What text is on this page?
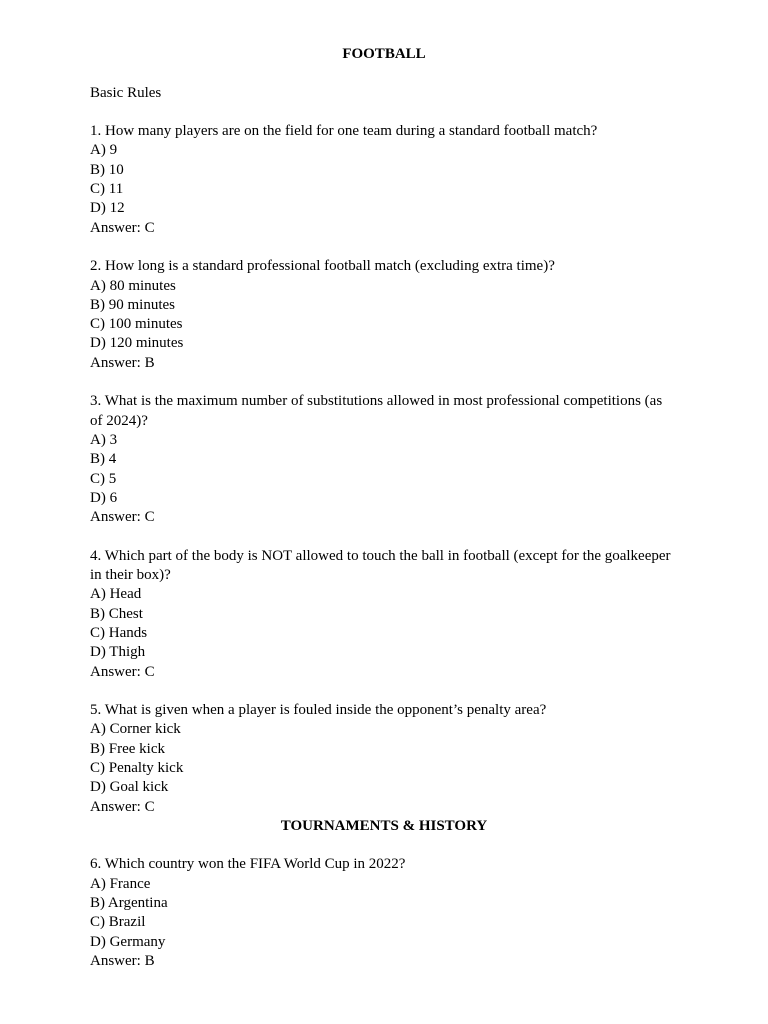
FOOTBALL

Basic Rules

1. How many players are on the field for one team during a standard football match?

A) 9

B) 10

C) 11

D) 12

Answer: C

2. How long is a standard professional football match (excluding extra time)?

A) 80 minutes

B) 90 minutes

C) 100 minutes

D) 120 minutes

Answer: B

3. What is the maximum number of substitutions allowed in most professional competitions (as of 2024)?

A) 3

B) 4

C) 5

D) 6

Answer: C

4. Which part of the body is NOT allowed to touch the ball in football (except for the goalkeeper in their box)?

A) Head

B) Chest

C) Hands

D) Thigh

Answer: C

5. What is given when a player is fouled inside the opponent’s penalty area?

A) Corner kick

B) Free kick

C) Penalty kick

D) Goal kick

Answer: C

TOURNAMENTS & HISTORY

6. Which country won the FIFA World Cup in 2022?

A) France

B) Argentina

C) Brazil

D) Germany

Answer: B
